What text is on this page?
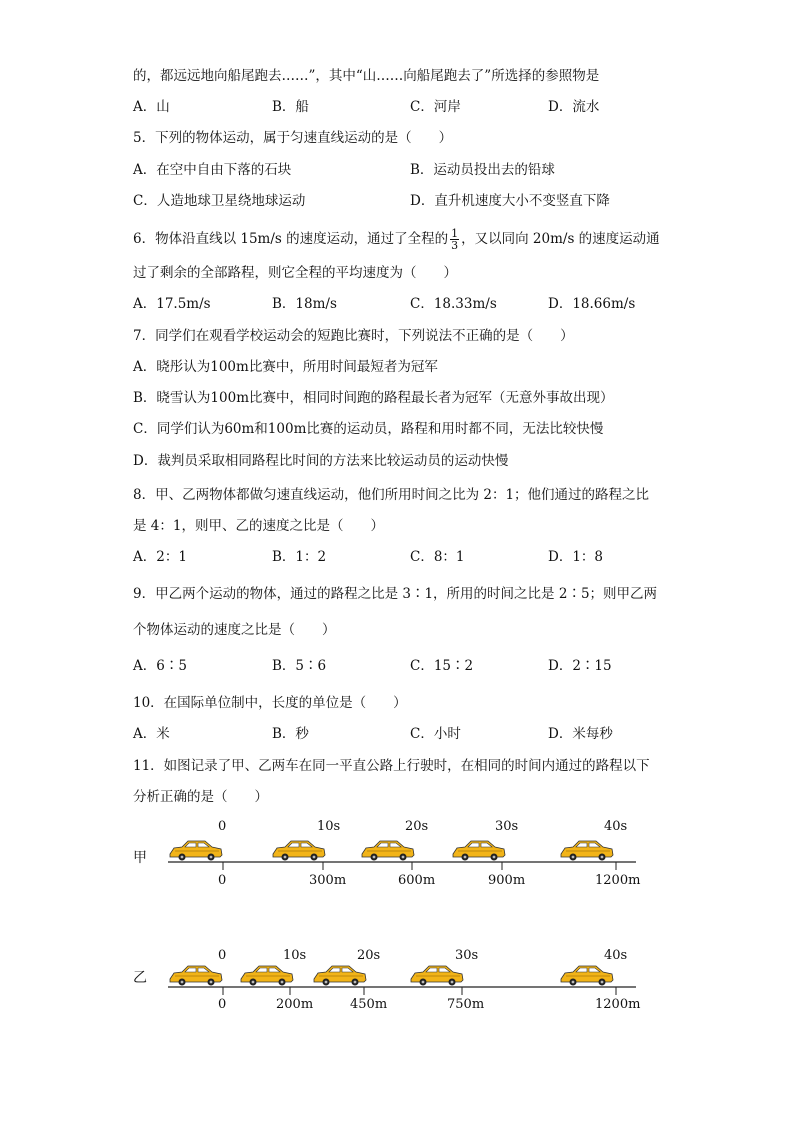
的，都远远地向船尾跑去……”，其中“山……向船尾跑去了”所选择的参照物是
A．山	B．船	C．河岸	D．流水
5．下列的物体运动，属于匀速直线运动的是（　　）
A．在空中自由下落的石块	B．运动员投出去的铅球
C．人造地球卫星绕地球运动	D．直升机速度大小不变竖直下降
6．物体沿直线以 15m/s 的速度运动，通过了全程的 $\frac{1}{3}$ ，又以同向 20m/s 的速度运动通
过了剩余的全部路程，则它全程的平均速度为（　　）
A．17.5m/s	B．18m/s	C．18.33m/s	D．18.66m/s
7．同学们在观看学校运动会的短跑比赛时，下列说法不正确的是（　　）
A．晓彤认为100m比赛中，所用时间最短者为冠军
B．晓雪认为100m比赛中，相同时间跑的路程最长者为冠军（无意外事故出现）
C．同学们认为60m和100m比赛的运动员，路程和用时都不同，无法比较快慢
D．裁判员采取相同路程比时间的方法来比较运动员的运动快慢
8．甲、乙两物体都做匀速直线运动，他们所用时间之比为 2：1；他们通过的路程之比
是 4：1，则甲、乙的速度之比是（　　）
A．2：1	B．1：2	C．8：1	D．1：8
9．甲乙两个运动的物体，通过的路程之比是 3∶1，所用的时间之比是 2∶5；则甲乙两
个物体运动的速度之比是（　　）
A．6∶5	B．5∶6	C．15∶2	D．2∶15
10．在国际单位制中，长度的单位是（　　）
A．米	B．秒	C．小时	D．米每秒
11．如图记录了甲、乙两车在同一平直公路上行驶时，在相同的时间内通过的路程以下
分析正确的是（　　）
甲
0	10s	20s	30s	40s
0	300m	600m	900m	1200m
乙
0	10s	20s	30s	40s
0	200m	450m	750m	1200m
